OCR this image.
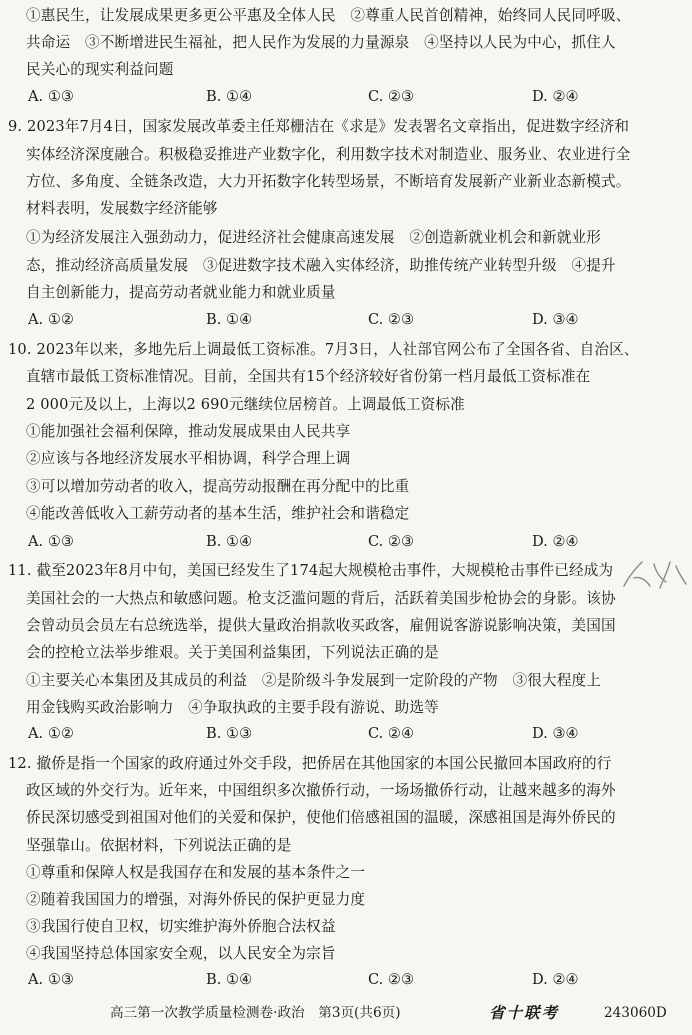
①惠民生，让发展成果更多更公平惠及全体人民　②尊重人民首创精神，始终同人民同呼吸、
共命运　③不断增进民生福祉，把人民作为发展的力量源泉　④坚持以人民为中心，抓住人
民关心的现实利益问题
A. ①③	B. ①④	C. ②③	D. ②④
9. 2023年7月4日，国家发展改革委主任郑栅洁在《求是》发表署名文章指出，促进数字经济和
实体经济深度融合。积极稳妥推进产业数字化，利用数字技术对制造业、服务业、农业进行全
方位、多角度、全链条改造，大力开拓数字化转型场景，不断培育发展新产业新业态新模式。
材料表明，发展数字经济能够
①为经济发展注入强劲动力，促进经济社会健康高速发展　②创造新就业机会和新就业形
态，推动经济高质量发展　③促进数字技术融入实体经济，助推传统产业转型升级　④提升
自主创新能力，提高劳动者就业能力和就业质量
A. ①②	B. ①④	C. ②③	D. ③④
10. 2023年以来，多地先后上调最低工资标准。7月3日，人社部官网公布了全国各省、自治区、
直辖市最低工资标准情况。目前，全国共有15个经济较好省份第一档月最低工资标准在
2 000元及以上，上海以2 690元继续位居榜首。上调最低工资标准
①能加强社会福利保障，推动发展成果由人民共享
②应该与各地经济发展水平相协调，科学合理上调
③可以增加劳动者的收入，提高劳动报酬在再分配中的比重
④能改善低收入工薪劳动者的基本生活，维护社会和谐稳定
A. ①③	B. ①④	C. ②③	D. ②④
11. 截至2023年8月中旬，美国已经发生了174起大规模枪击事件，大规模枪击事件已经成为
美国社会的一大热点和敏感问题。枪支泛滥问题的背后，活跃着美国步枪协会的身影。该协
会曾动员会员左右总统选举，提供大量政治捐款收买政客，雇佣说客游说影响决策，美国国
会的控枪立法举步维艰。关于美国利益集团，下列说法正确的是
①主要关心本集团及其成员的利益　②是阶级斗争发展到一定阶段的产物　③很大程度上
用金钱购买政治影响力　④争取执政的主要手段有游说、助选等
A. ①②	B. ①③	C. ②④	D. ③④
12. 撤侨是指一个国家的政府通过外交手段，把侨居在其他国家的本国公民撤回本国政府的行
政区域的外交行为。近年来，中国组织多次撤侨行动，一场场撤侨行动，让越来越多的海外
侨民深切感受到祖国对他们的关爱和保护，使他们倍感祖国的温暖，深感祖国是海外侨民的
坚强靠山。依据材料，下列说法正确的是
①尊重和保障人权是我国存在和发展的基本条件之一
②随着我国国力的增强，对海外侨民的保护更显力度
③我国行使自卫权，切实维护海外侨胞合法权益
④我国坚持总体国家安全观，以人民安全为宗旨
A. ①③	B. ①④	C. ②③	D. ②④
高三第一次教学质量检测卷·政治　第3页(共6页)	省十联考	243060D
